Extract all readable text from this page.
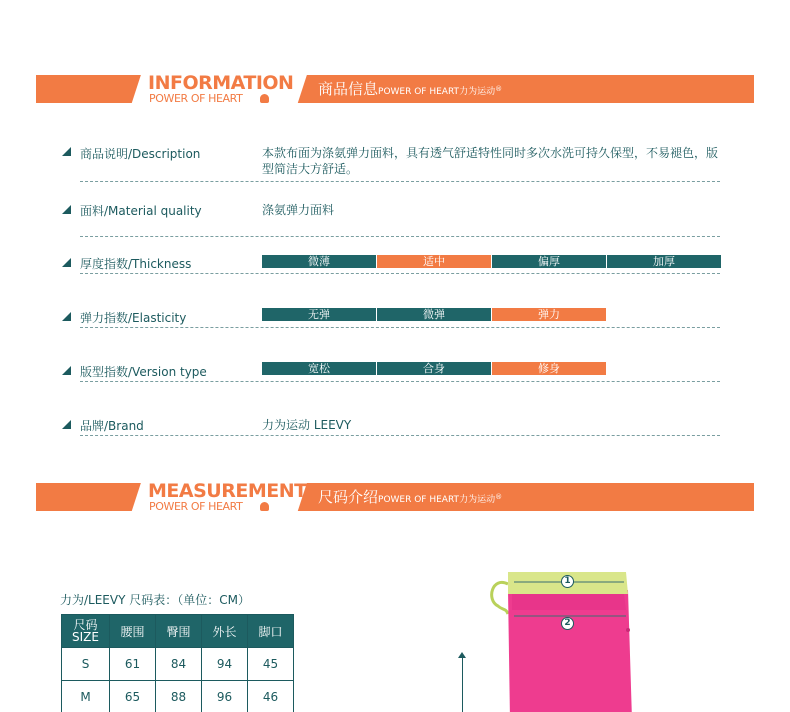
INFORMATION
POWER OF HEART
商品信息POWER OF HEART力为运动®
商品说明/Description	本款布面为涤氨弹力面料，具有透气舒适特性同时多次水洗可持久保型，不易褪色，版型简洁大方舒适。
面料/Material quality	涤氨弹力面料
厚度指数/Thickness	微薄	适中	偏厚	加厚
弹力指数/Elasticity	无弹	微弹	弹力
版型指数/Version type	宽松	合身	修身
品牌/Brand	力为运动 LEEVY
MEASUREMENT
POWER OF HEART
尺码介绍POWER OF HEART力为运动®
力为/LEEVY 尺码表：（单位：CM）
尺码
SIZE	腰围	臀围	外长	脚口
S	61	84	94	45
M	65	88	96	46
1
2
